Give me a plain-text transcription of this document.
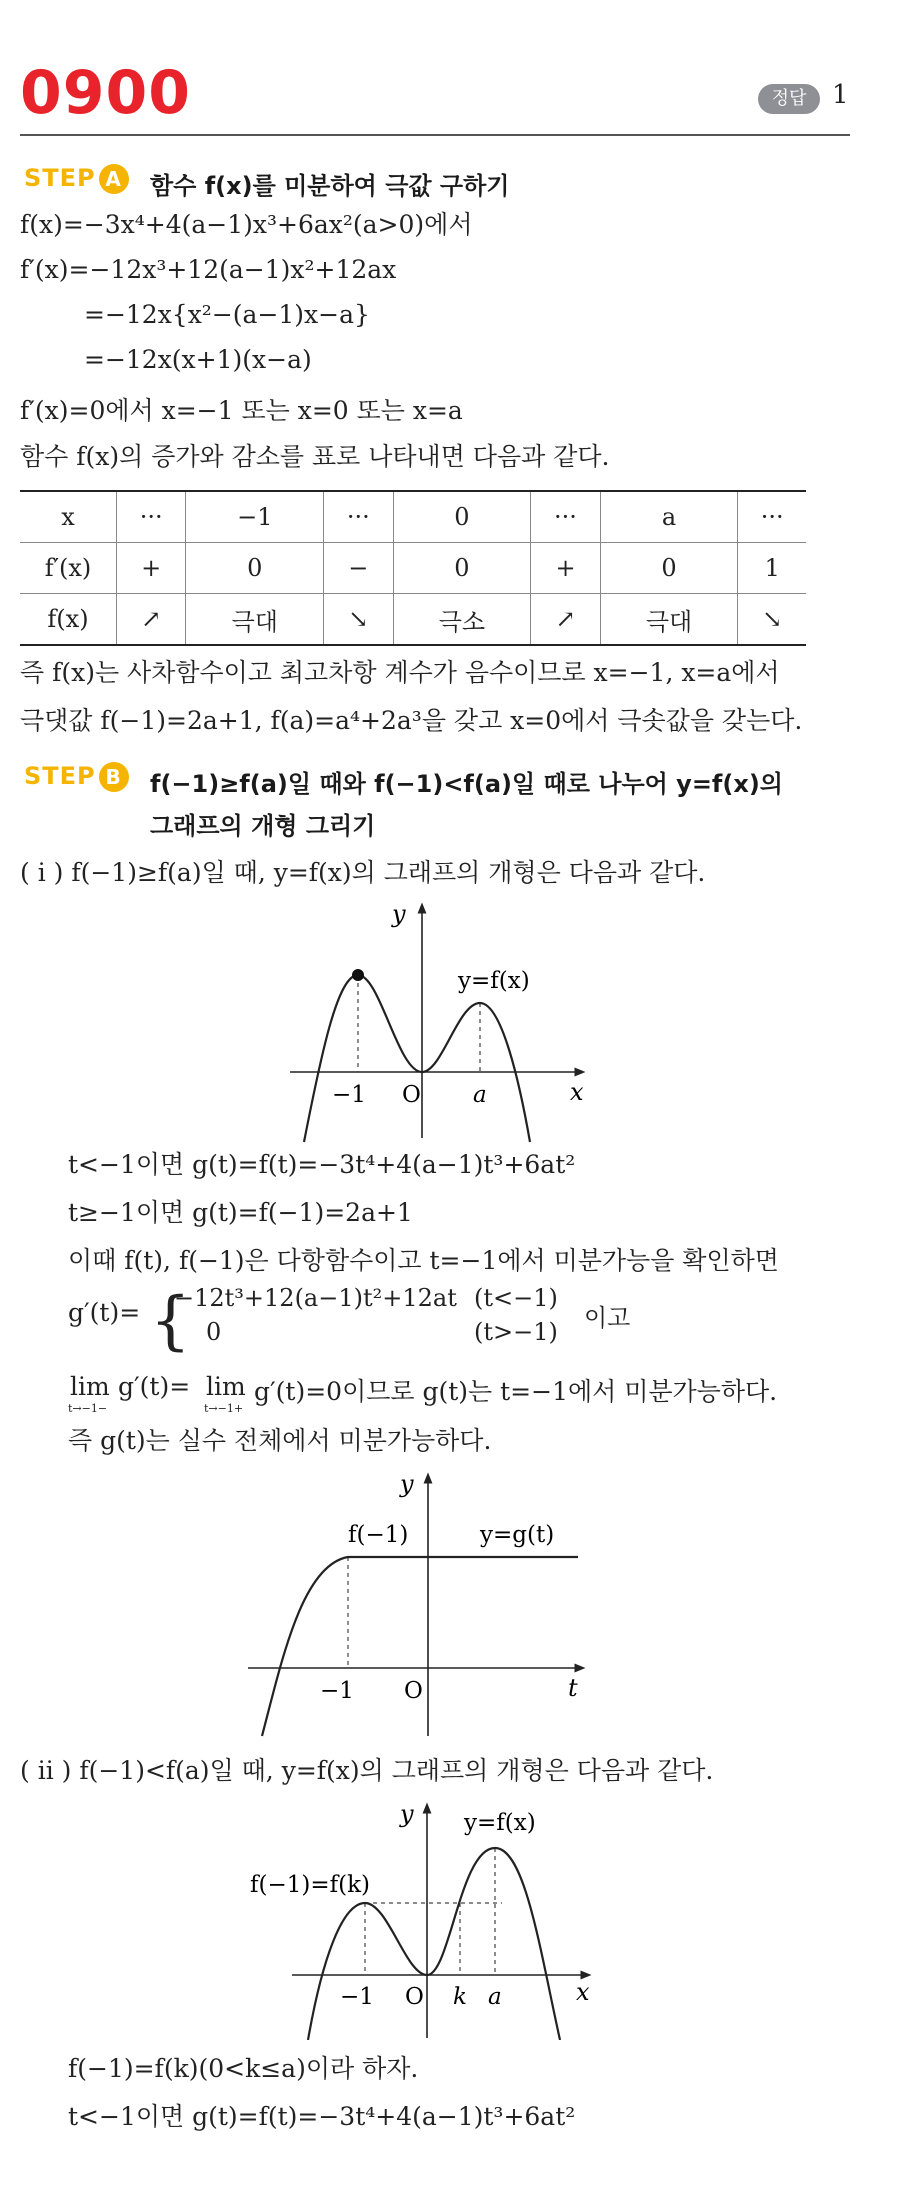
0900	정답 1
STEP A 함수 f(x)를 미분하여 극값 구하기
f(x)=−3x⁴+4(a−1)x³+6ax²(a>0)에서
f′(x)=−12x³+12(a−1)x²+12ax
=−12x{x²−(a−1)x−a}
=−12x(x+1)(x−a)
f′(x)=0에서 x=−1 또는 x=0 또는 x=a
함수 f(x)의 증가와 감소를 표로 나타내면 다음과 같다.
x	···	−1	···	0	···	a	···
f′(x)	+	0	−	0	+	0	1
f(x)	↗	극대	↘	극소	↗	극대	↘
즉 f(x)는 사차함수이고 최고차항 계수가 음수이므로 x=−1, x=a에서
극댓값 f(−1)=2a+1, f(a)=a⁴+2a³을 갖고 x=0에서 극솟값을 갖는다.
STEP B f(−1)≥f(a)일 때와 f(−1)<f(a)일 때로 나누어 y=f(x)의
그래프의 개형 그리기
( i ) f(−1)≥f(a)일 때, y=f(x)의 그래프의 개형은 다음과 같다.
y
x
y=f(x)
−1 O a
t<−1이면 g(t)=f(t)=−3t⁴+4(a−1)t³+6at²
t≥−1이면 g(t)=f(−1)=2a+1
이때 f(t), f(−1)은 다항함수이고 t=−1에서 미분가능을 확인하면
g′(t)= {
−12t³+12(a−1)t²+12at (t<−1)
0	(t>−1) 이고
lim
t→−1−
g′(t)= lim
t→−1+
g′(t)=0이므로 g(t)는 t=−1에서 미분가능하다.
즉 g(t)는 실수 전체에서 미분가능하다.
y
t
f(−1)	y=g(t)
−1 O
( ii ) f(−1)<f(a)일 때, y=f(x)의 그래프의 개형은 다음과 같다.
y
x
y=f(x)
f(−1)=f(k)
−1 O k a
f(−1)=f(k)(0<k≤a)이라 하자.
t<−1이면 g(t)=f(t)=−3t⁴+4(a−1)t³+6at²
